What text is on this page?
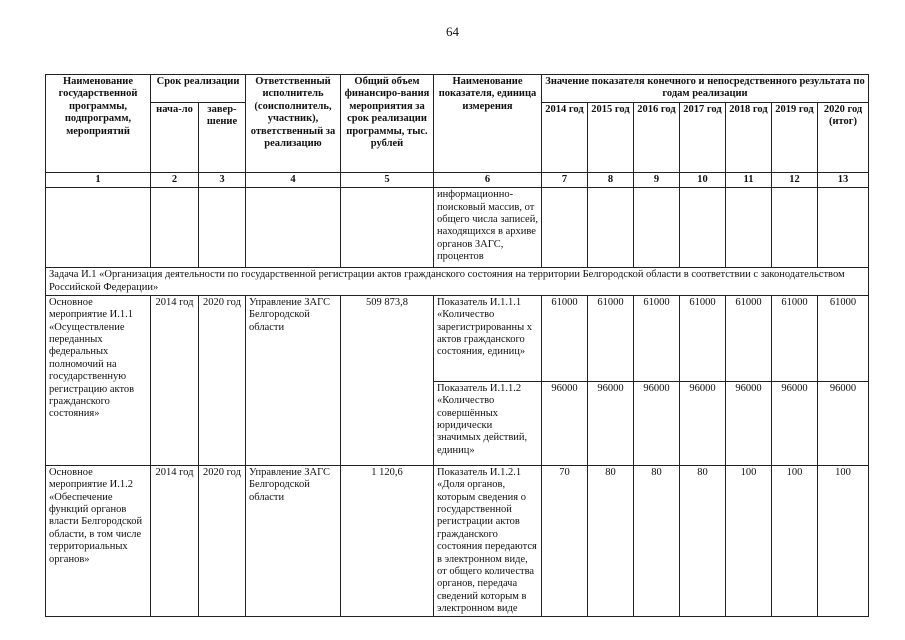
64
Наименование государственной программы, подпрограмм, мероприятий	Срок реализации		Ответственный исполнитель (соисполнитель, участник), ответственный за реализацию	Общий объем финансиро-вания мероприятия за срок реализации программы, тыс. рублей	Наименование показателя, единица измерения	Значение показателя конечного и непосредственного результата по годам реализации						
	нача-ло	завер-шение				2014 год	2015 год	2016 год	2017 год	2018 год	2019 год	2020 год (итог)
1	2	3	4	5	6	7	8	9	10	11	12	13
					информационно-поисковый массив, от общего числа записей, находящихся в архиве органов ЗАГС, процентов							
Задача И.1 «Организация деятельности по государственной регистрации актов гражданского состояния на территории Белгородской области в соответствии с законодательством Российской Федерации»												
Основное мероприятие И.1.1 «Осуществление переданных федеральных полномочий на государственную регистрацию актов гражданского состояния»	2014 год	2020 год	Управление ЗАГС Белгородской области	509 873,8	Показатель И.1.1.1 «Количество зарегистрированны х актов гражданского состояния, единиц»	61000	61000	61000	61000	61000	61000	61000
					Показатель И.1.1.2 «Количество совершённых юридически значимых действий, единиц»	96000	96000	96000	96000	96000	96000	96000
Основное мероприятие И.1.2 «Обеспечение функций органов власти Белгородской области, в том числе территориальных органов»	2014 год	2020 год	Управление ЗАГС Белгородской области	1 120,6	Показатель И.1.2.1 «Доля органов, которым сведения о государственной регистрации актов гражданского состояния передаются в электронном виде, от общего количества органов, передача сведений которым в электронном виде	70	80	80	80	100	100	100
